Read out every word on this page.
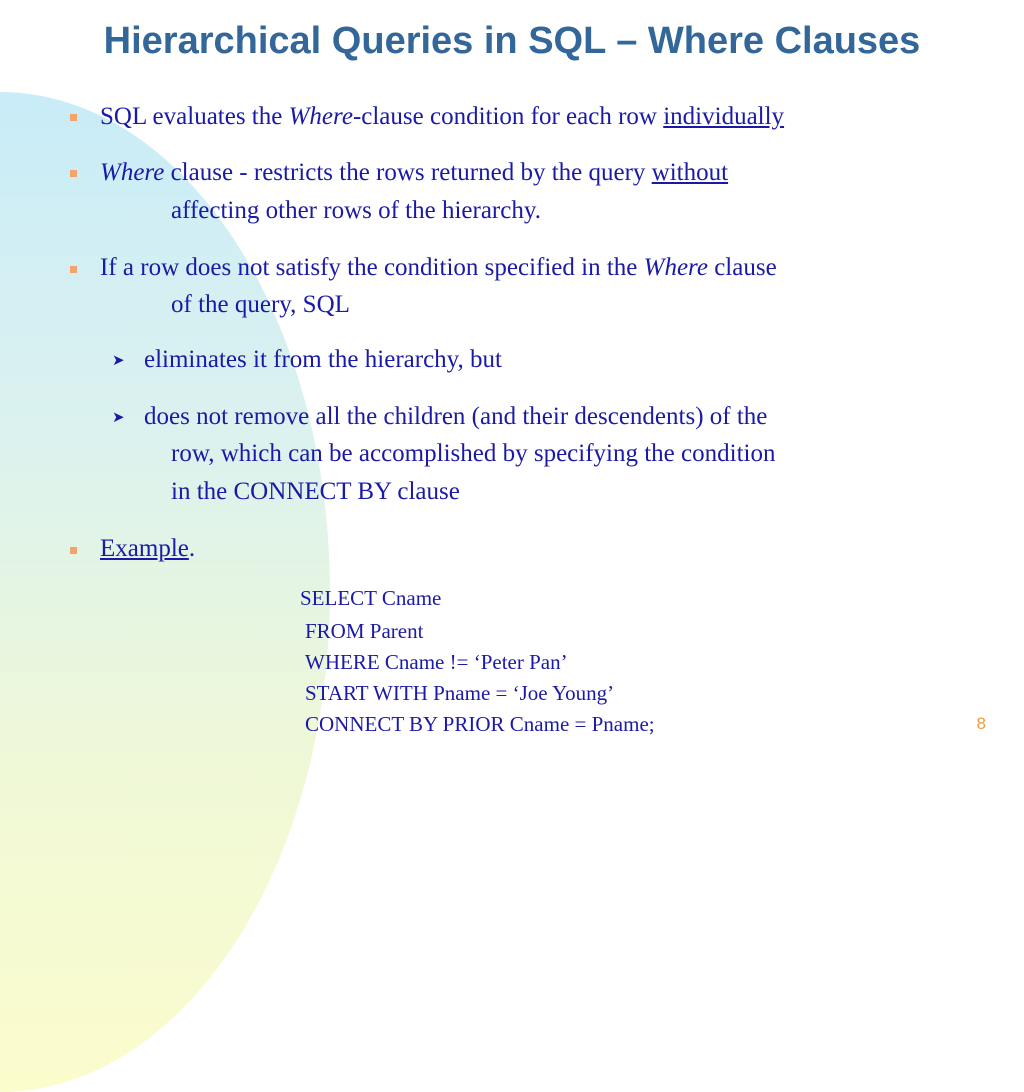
Hierarchical Queries in SQL – Where Clauses
SQL evaluates the Where-clause condition for each row individually
Where clause - restricts the rows returned by the query without
affecting other rows of the hierarchy.
If a row does not satisfy the condition specified in the Where clause
of the query, SQL
➤ eliminates it from the hierarchy, but
➤ does not remove all the children (and their descendents) of the
row, which can be accomplished by specifying the condition
in the CONNECT BY clause
Example.
SELECT Cname
FROM Parent
WHERE Cname != ‘Peter Pan’
START WITH Pname = ‘Joe Young’
CONNECT BY PRIOR Cname = Pname;	8
